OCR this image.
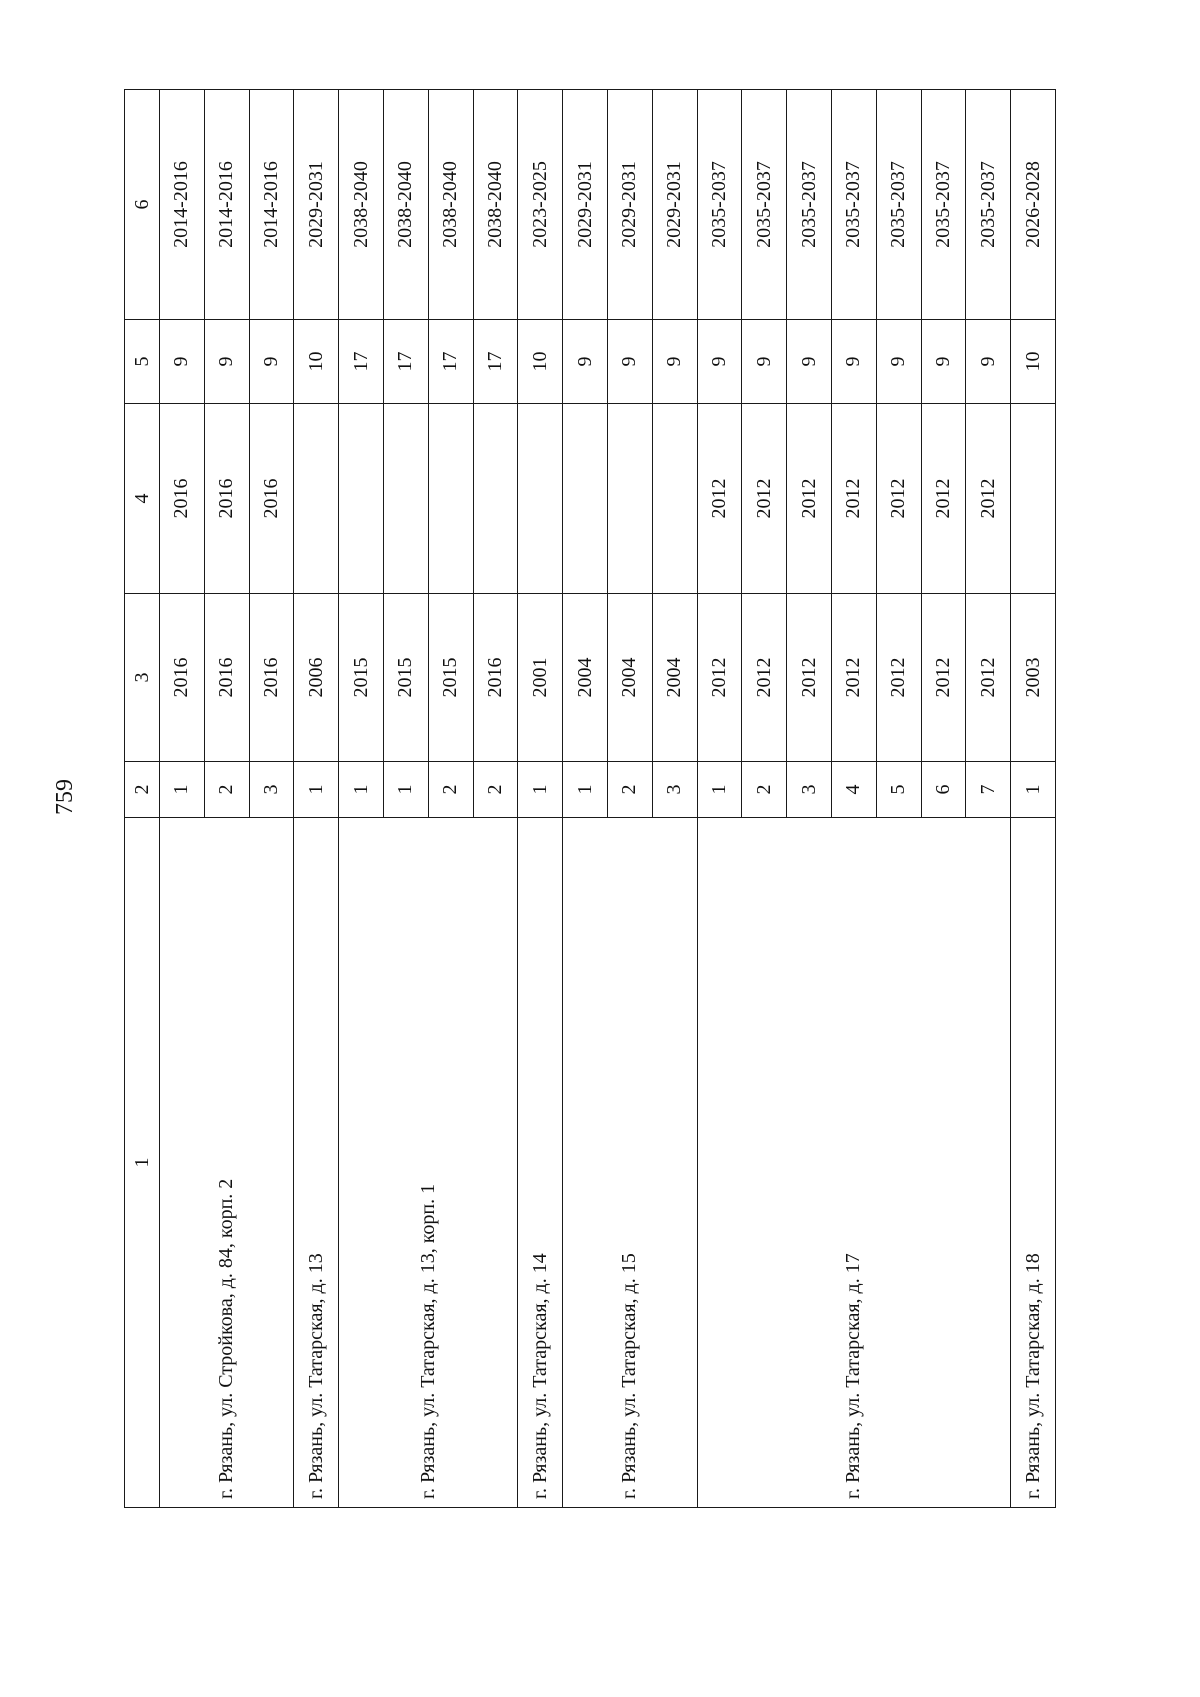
759
1	2	3	4	5	6
г. Рязань, ул. Стройкова, д. 84, корп. 2	1	2016	2016	9	2014-2016
	2	2016	2016	9	2014-2016
	3	2016	2016	9	2014-2016
г. Рязань, ул. Татарская, д. 13	1	2006		10	2029-2031
г. Рязань, ул. Татарская, д. 13, корп. 1	1	2015		17	2038-2040
	1	2015		17	2038-2040
	2	2015		17	2038-2040
	2	2016		17	2038-2040
г. Рязань, ул. Татарская, д. 14	1	2001		10	2023-2025
г. Рязань, ул. Татарская, д. 15	1	2004		9	2029-2031
	2	2004		9	2029-2031
	3	2004		9	2029-2031
г. Рязань, ул. Татарская, д. 17	1	2012	2012	9	2035-2037
	2	2012	2012	9	2035-2037
	3	2012	2012	9	2035-2037
	4	2012	2012	9	2035-2037
	5	2012	2012	9	2035-2037
	6	2012	2012	9	2035-2037
	7	2012	2012	9	2035-2037
г. Рязань, ул. Татарская, д. 18	1	2003		10	2026-2028
